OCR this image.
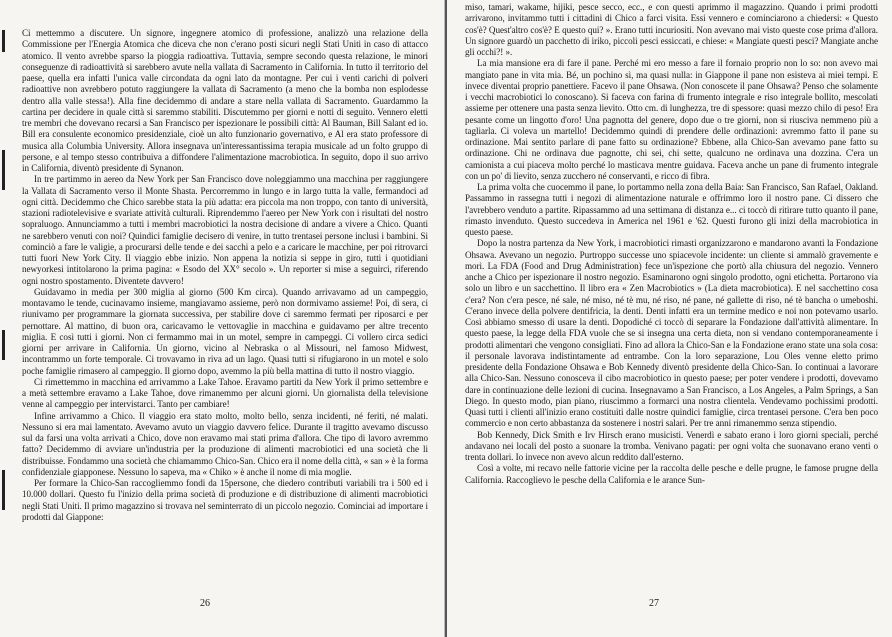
Ci mettemmo a discutere. Un signore, ingegnere atomico di professione, analizzò una relazione della Commissione per l'Energia Atomica che diceva che non c'erano posti sicuri negli Stati Uniti in caso di attacco atomico. Il vento avrebbe sparso la pioggia radioattiva. Tuttavia, sempre secondo questa relazione, le minori conseguenze di radioattività si sarebbero avute nella vallata di Sacramento in California. In tutto il territorio del paese, quella era infatti l'unica valle circondata da ogni lato da montagne. Per cui i venti carichi di polveri radioattive non avrebbero potuto raggiungere la vallata di Sacramento (a meno che la bomba non esplodesse dentro alla valle stessa!). Alla fine decidemmo di andare a stare nella vallata di Sacramento. Guardammo la cartina per decidere in quale città si saremmo stabiliti. Discutemmo per giorni e notti di seguito. Vennero eletti tre membri che dovevano recarsi a San Francisco per ispezionare le possibili città: Al Bauman, Bill Salant ed io. Bill era consulente economico presidenziale, cioè un alto funzionario governativo, e Al era stato professore di musica alla Columbia University. Allora insegnava un'interessantissima terapia musicale ad un folto gruppo di persone, e al tempo stesso contribuiva a diffondere l'alimentazione macrobiotica. In seguito, dopo il suo arrivo in California, diventò presidente di Synanon.

In tre partimmo in aereo da New York per San Francisco dove noleggiammo una macchina per raggiungere la Vallata di Sacramento verso il Monte Shasta. Percorremmo in lungo e in largo tutta la valle, fermandoci ad ogni città. Decidemmo che Chico sarebbe stata la più adatta: era piccola ma non troppo, con tanto di università, stazioni radiotelevisive e svariate attività culturali. Riprendemmo l'aereo per New York con i risultati del nostro sopraluogo. Annunciammo a tutti i membri macrobiotici la nostra decisione di andare a vivere a Chico. Quanti ne sarebbero venuti con noi? Quindici famiglie decisero di venire, in tutto trentasei persone inclusi i bambini. Si cominciò a fare le valigie, a procurarsi delle tende e dei sacchi a pelo e a caricare le macchine, per poi ritrovarci tutti fuori New York City. Il viaggio ebbe inizio. Non appena la notizia si seppe in giro, tutti i quotidiani newyorkesi intitolarono la prima pagina: « Esodo del XX° secolo ». Un reporter si mise a seguirci, riferendo ogni nostro spostamento. Diventete davvero!

Guidavamo in media per 300 miglia al giorno (500 Km circa). Quando arrivavamo ad un campeggio, montavamo le tende, cucinavamo insieme, mangiavamo assieme, però non dormivamo assieme! Poi, di sera, ci riunivamo per programmare la giornata successiva, per stabilire dove ci saremmo fermati per riposarci e per pernottare. Al mattino, di buon ora, caricavamo le vettovaglie in macchina e guidavamo per altre trecento miglia. E così tutti i giorni. Non ci fermammo mai in un motel, sempre in campeggi. Ci vollero circa sedici giorni per arrivare in California. Un giorno, vicino al Nebraska o al Missouri, nel famoso Midwest, incontrammo un forte temporale. Ci trovavamo in riva ad un lago. Quasi tutti si rifugiarono in un motel e solo poche famiglie rimasero al campeggio. Il giorno dopo, avemmo la più bella mattina di tutto il nostro viaggio.

Ci rimettemmo in macchina ed arrivammo a Lake Tahoe. Eravamo partiti da New York il primo settembre e a metà settembre eravamo a Lake Tahoe, dove rimanemmo per alcuni giorni. Un giornalista della televisione venne al campeggio per intervistarci. Tanto per cambiare!

Infine arrivammo a Chico. Il viaggio era stato molto, molto bello, senza incidenti, né feriti, né malati. Nessuno si era mai lamentato. Avevamo avuto un viaggio davvero felice. Durante il tragitto avevamo discusso sul da farsi una volta arrivati a Chico, dove non eravamo mai stati prima d'allora. Che tipo di lavoro avremmo fatto? Decidemmo di avviare un'industria per la produzione di alimenti macrobiotici ed una società che li distribuisse. Fondammo una società che chiamammo Chico-San. Chico era il nome della città, « san » è la forma confidenziale giapponese. Nessuno lo sapeva, ma « Chiko » è anche il nome di mia moglie.

Per formare la Chico-San raccogliemmo fondi da 15persone, che diedero contributi variabili tra i 500 ed i 10.000 dollari. Questo fu l'inizio della prima società di produzione e di distribuzione di alimenti macrobiotici negli Stati Uniti. Il primo magazzino si trovava nel seminterrato di un piccolo negozio. Cominciai ad importare i prodotti dal Giappone:

26

miso, tamari, wakame, hijiki, pesce secco, ecc., e con questi aprimmo il magazzino. Quando i primi prodotti arrivarono, invitammo tutti i cittadini di Chico a farci visita. Essi vennero e cominciarono a chiedersi: « Questo cos'è? Quest'altro cos'è? E questo qui? ». Erano tutti incuriositi. Non avevano mai visto queste cose prima d'allora. Un signore guardò un pacchetto di iriko, piccoli pesci essiccati, e chiese: « Mangiate questi pesci? Mangiate anche gli occhi?! ».

La mia mansione era di fare il pane. Perché mi ero messo a fare il fornaio proprio non lo so: non avevo mai mangiato pane in vita mia. Bé, un pochino sì, ma quasi nulla: in Giappone il pane non esisteva ai miei tempi. E invece diventai proprio panettiere. Facevo il pane Ohsawa. (Non conoscete il pane Ohsawa? Penso che solamente i vecchi macrobiotici lo conoscano). Si faceva con farina di frumento integrale e riso integrale bollito, mescolati assieme per ottenere una pasta senza lievito. Otto cm. di lunghezza, tre di spessore: quasi mezzo chilo di peso! Era pesante come un lingotto d'oro! Una pagnotta del genere, dopo due o tre giorni, non si riusciva nemmeno più a tagliarla. Ci voleva un martello! Decidemmo quindi di prendere delle ordinazioni: avremmo fatto il pane su ordinazione. Mai sentito parlare di pane fatto su ordinazione? Ebbene, alla Chico-San avevamo pane fatto su ordinazione. Chi ne ordinava due pagnotte, chi sei, chi sette, qualcuno ne ordinava una dozzina. C'era un camionista a cui piaceva molto perché lo masticava mentre guidava. Faceva anche un pane di frumento integrale con un po' di lievito, senza zucchero né conservanti, e ricco di fibra.

La prima volta che cuocemmo il pane, lo portammo nella zona della Baia: San Francisco, San Rafael, Oakland. Passammo in rassegna tutti i negozi di alimentazione naturale e offrimmo loro il nostro pane. Ci dissero che l'avrebbero venduto a partite. Ripassammo ad una settimana di distanza e... ci toccò di ritirare tutto quanto il pane, rimasto invenduto. Questo succedeva in America nel 1961 e '62. Questi furono gli inizi della macrobiotica in questo paese.

Dopo la nostra partenza da New York, i macrobiotici rimasti organizzarono e mandarono avanti la Fondazione Ohsawa. Avevano un negozio. Purtroppo successe uno spiacevole incidente: un cliente si ammalò gravemente e morì. La FDA (Food and Drug Administration) fece un'ispezione che portò alla chiusura del negozio. Vennero anche a Chico per ispezionare il nostro negozio. Esaminarono ogni singolo prodotto, ogni etichetta. Portarono via solo un libro e un sacchettino. Il libro era « Zen Macrobiotics » (La dieta macrobiotica). E nel sacchettino cosa c'era? Non c'era pesce, né sale, né miso, né tè mu, né riso, né pane, né gallette di riso, né tè bancha o umeboshi. C'erano invece della polvere dentifricia, la denti. Denti infatti era un termine medico e noi non potevamo usarlo. Così abbiamo smesso di usare la denti. Dopodiché ci toccò di separare la Fondazione dall'attività alimentare. In questo paese, la legge della FDA vuole che se si insegna una certa dieta, non si vendano contemporaneamente i prodotti alimentari che vengono consigliati. Fino ad allora la Chico-San e la Fondazione erano state una sola cosa: il personale lavorava indistintamente ad entrambe. Con la loro separazione, Lou Oles venne eletto primo presidente della Fondazione Ohsawa e Bob Kennedy diventò presidente della Chico-San. Io continuai a lavorare alla Chico-San. Nessuno conosceva il cibo macrobiotico in questo paese; per poter vendere i prodotti, dovevamo dare in continuazione delle lezioni di cucina. Insegnavamo a San Francisco, a Los Angeles, a Palm Springs, a San Diego. In questo modo, pian piano, riuscimmo a formarci una nostra clientela. Vendevamo pochissimi prodotti. Quasi tutti i clienti all'inizio erano costituiti dalle nostre quindici famiglie, circa trentasei persone. C'era ben poco commercio e non certo abbastanza da sostenere i nostri salari. Per tre anni rimanemmo senza stipendio.

Bob Kennedy, Dick Smith e Irv Hirsch erano musicisti. Venerdì e sabato erano i loro giorni speciali, perché andavano nei locali del posto a suonare la tromba. Venivano pagati: per ogni volta che suonavano erano venti o trenta dollari. Io invece non avevo alcun reddito dall'esterno.

Così a volte, mi recavo nelle fattorie vicine per la raccolta delle pesche e delle prugne, le famose prugne della California. Raccoglievo le pesche della California e le arance Sun-

27
